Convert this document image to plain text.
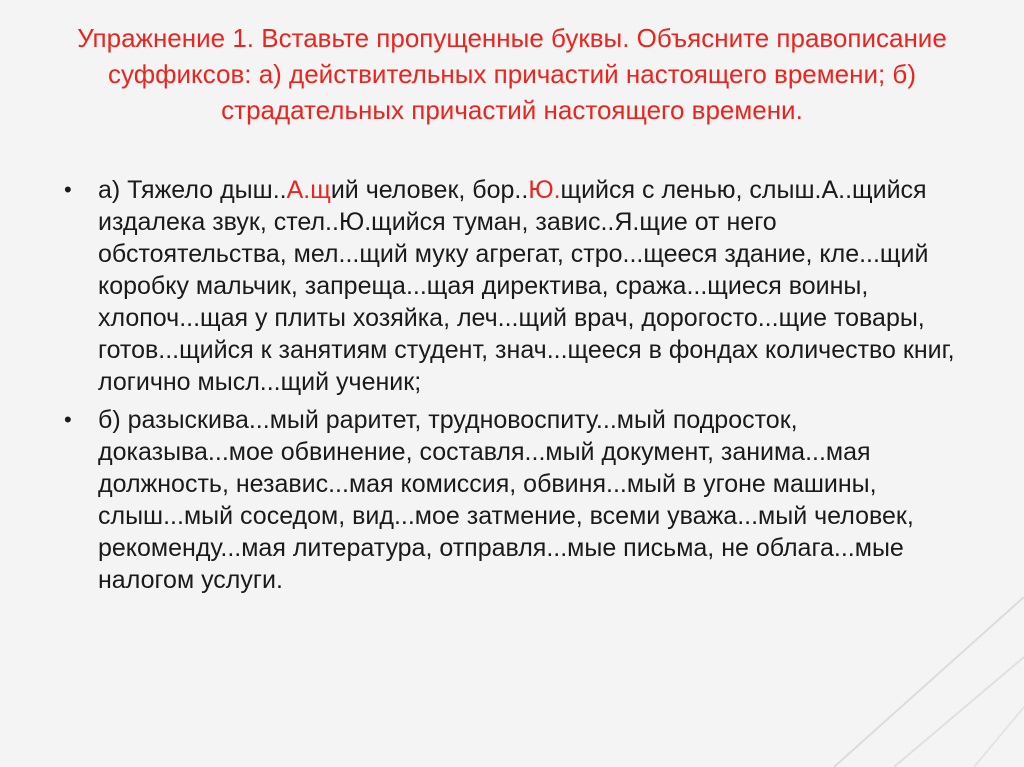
Упражнение 1. Вставьте пропущенные буквы. Объясните правописание суффиксов: а) действительных причастий настоящего времени; б) страдательных причастий настоящего времени.
• а) Тяжело дыш..А.щий человек, бор..Ю.щийся с ленью, слыш.А..щийся издалека звук, стел..Ю.щийся туман, завис..Я.щие от него обстоятельства, мел...щий муку агрегат, стро...щееся здание, кле...щий коробку мальчик, запреща...щая директива, сража...щиеся воины, хлопоч...щая у плиты хозяйка, леч...щий врач, дорогосто...щие товары, готов...щийся к занятиям студент, знач...щееся в фондах количество книг, логично мысл...щий ученик;
• б) разыскива...мый раритет, трудновоспиту...мый подросток, доказыва...мое обвинение, составля...мый документ, занима...мая должность, независ...мая комиссия, обвиня...мый в угоне машины, слыш...мый соседом, вид...мое затмение, всеми уважа...мый человек, рекоменду...мая литература, отправля...мые письма, не облага...мые налогом услуги.
